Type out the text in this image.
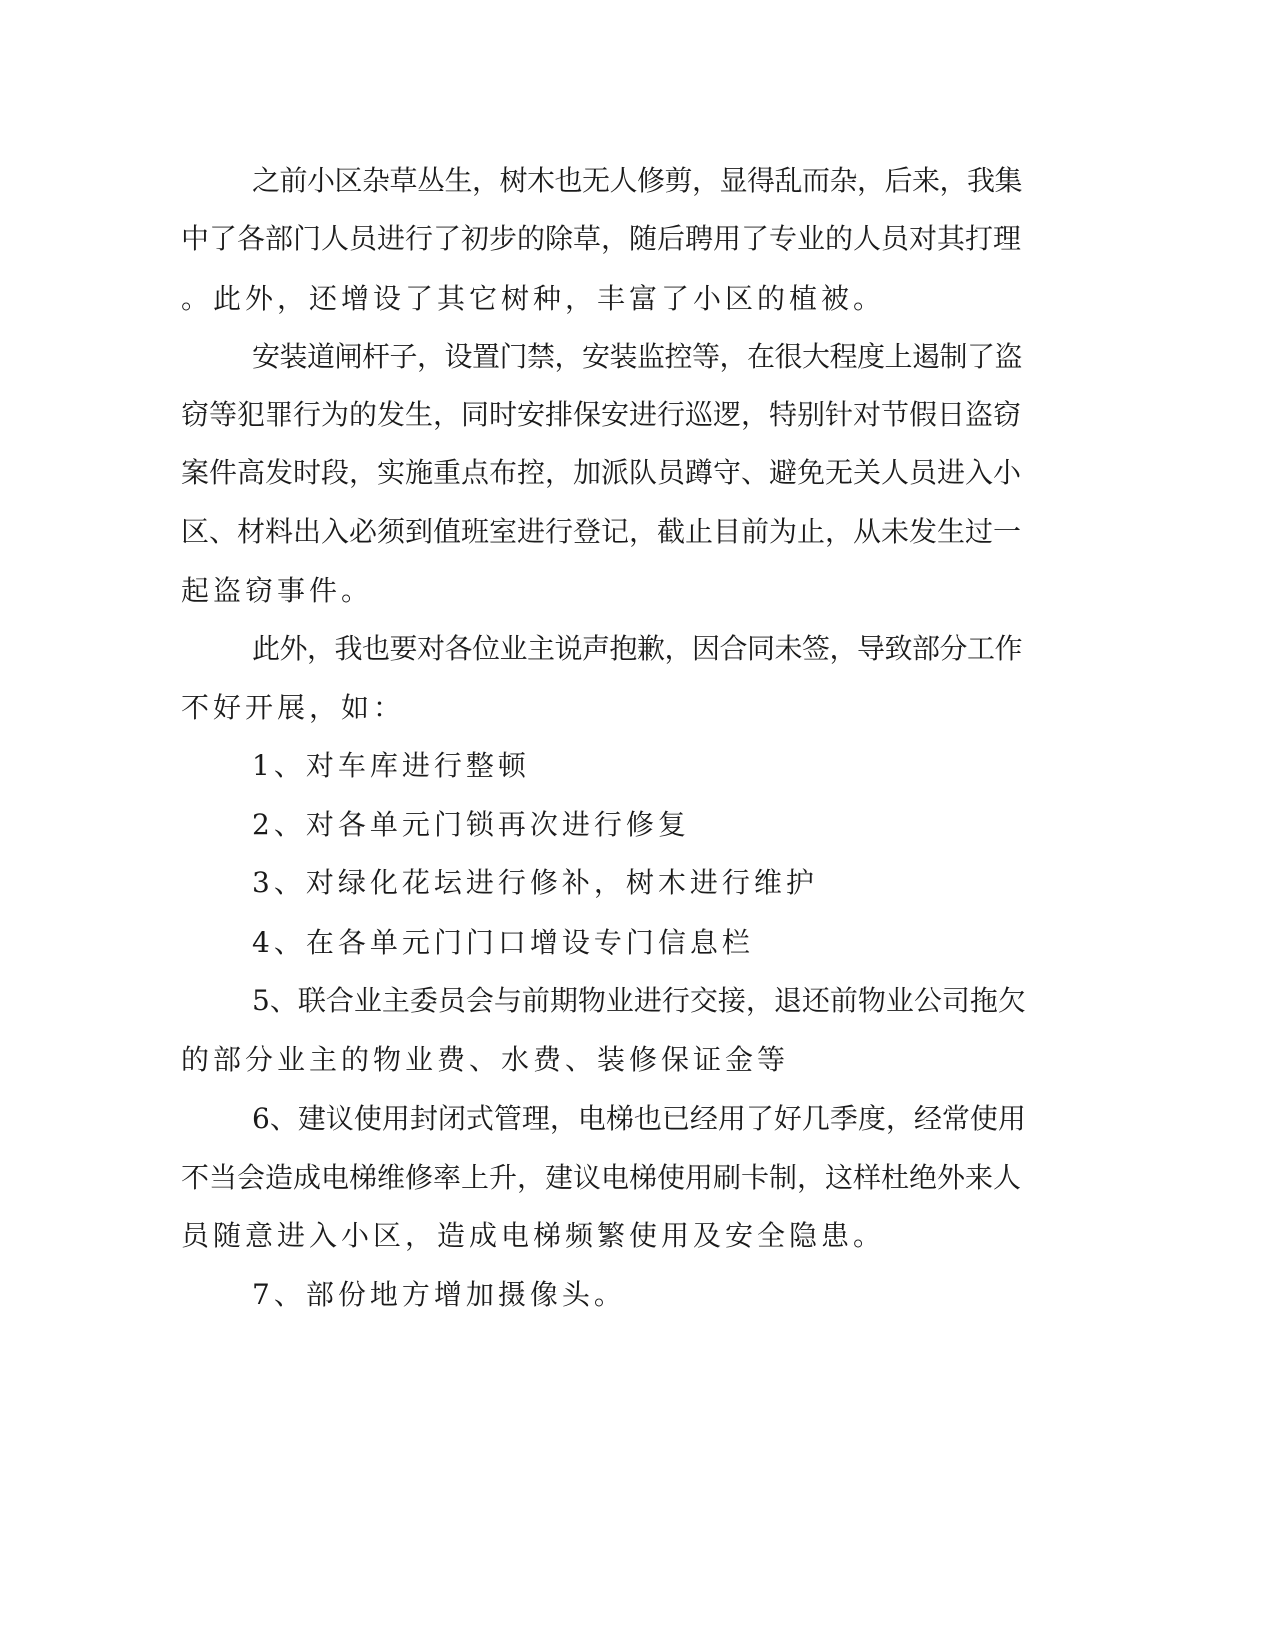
之前小区杂草丛生，树木也无人修剪，显得乱而杂，后来，我集

中了各部门人员进行了初步的除草，随后聘用了专业的人员对其打理

。此外，还增设了其它树种，丰富了小区的植被。

安装道闸杆子，设置门禁，安装监控等，在很大程度上遏制了盗

窃等犯罪行为的发生，同时安排保安进行巡逻，特别针对节假日盗窃

案件高发时段，实施重点布控，加派队员蹲守、避免无关人员进入小

区、材料出入必须到值班室进行登记，截止目前为止，从未发生过一

起盗窃事件。

此外，我也要对各位业主说声抱歉，因合同未签，导致部分工作

不好开展，如：

1、对车库进行整顿

2、对各单元门锁再次进行修复

3、对绿化花坛进行修补，树木进行维护

4、在各单元门门口增设专门信息栏

5、联合业主委员会与前期物业进行交接，退还前物业公司拖欠

的部分业主的物业费、水费、装修保证金等

6、建议使用封闭式管理，电梯也已经用了好几季度，经常使用

不当会造成电梯维修率上升，建议电梯使用刷卡制，这样杜绝外来人

员随意进入小区，造成电梯频繁使用及安全隐患。

7、部份地方增加摄像头。
